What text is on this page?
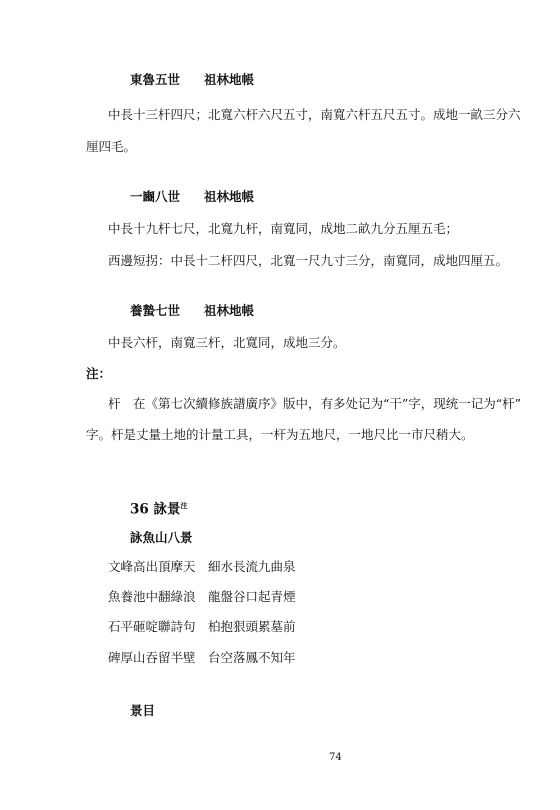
東魯五世 祖林地帳
中長十三杆四尺；北寬六杆六尺五寸，南寬六杆五尺五寸。成地一畝三分六
厘四毛。
一豳八世 祖林地帳
中長十九杆七尺，北寬九杆，南寬同，成地二畝九分五厘五毛；
西邊短拐：中長十二杆四尺，北寬一尺九寸三分，南寬同，成地四厘五。
養蟄七世 祖林地帳
中長六杆，南寬三杆，北寬同，成地三分。
注：
杆　在《第七次續修族譜廣序》版中，有多处记为“干”字，现统一记为“杆”
字。杆是丈量土地的计量工具，一杆为五地尺，一地尺比一市尺稍大。
36 詠景$^注$
詠魚山八景
文峰高出頂摩天 細水長流九曲泉
魚養池中翻綠浪 龍盤谷口起青煙
石平砸啶聯詩句 柏抱狠頭累墓前
碑厚山吞留半壁 台空落鳳不知年
景目
74
